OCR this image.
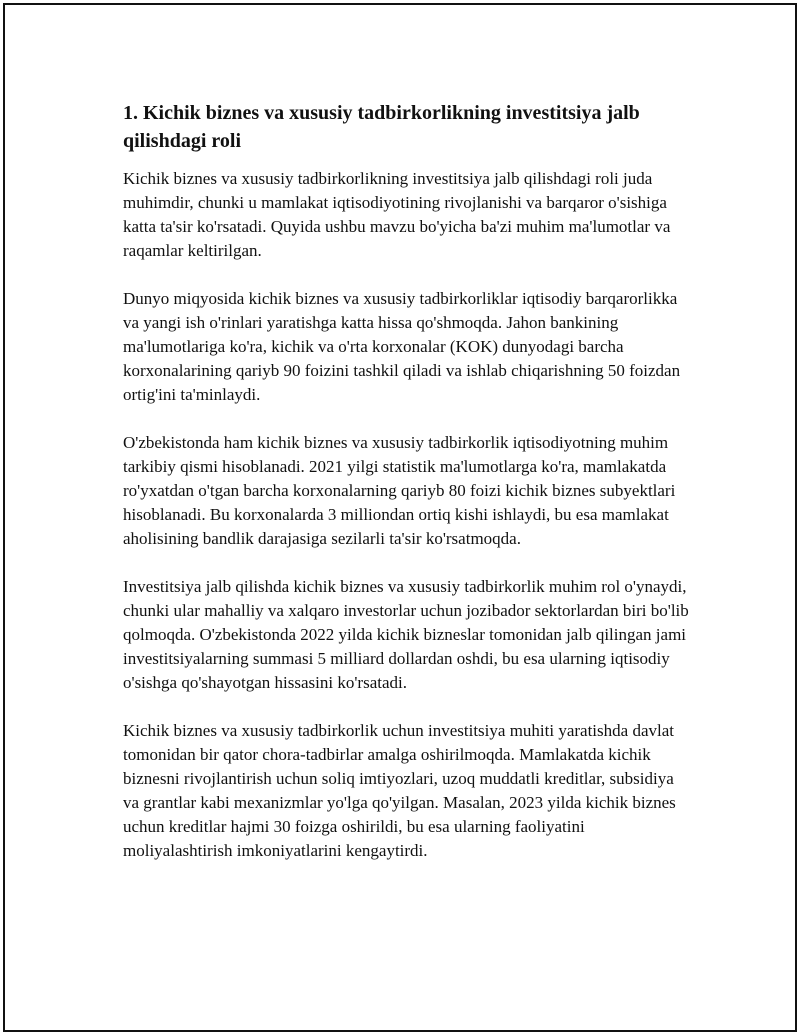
1. Kichik biznes va xususiy tadbirkorlikning investitsiya jalb qilishdagi roli

Kichik biznes va xususiy tadbirkorlikning investitsiya jalb qilishdagi roli juda muhimdir, chunki u mamlakat iqtisodiyotining rivojlanishi va barqaror o'sishiga katta ta'sir ko'rsatadi. Quyida ushbu mavzu bo'yicha ba'zi muhim ma'lumotlar va raqamlar keltirilgan.

Dunyo miqyosida kichik biznes va xususiy tadbirkorliklar iqtisodiy barqarorlikka va yangi ish o'rinlari yaratishga katta hissa qo'shmoqda. Jahon bankining ma'lumotlariga ko'ra, kichik va o'rta korxonalar (KOK) dunyodagi barcha korxonalarining qariyb 90 foizini tashkil qiladi va ishlab chiqarishning 50 foizdan ortig'ini ta'minlaydi.

O'zbekistonda ham kichik biznes va xususiy tadbirkorlik iqtisodiyotning muhim tarkibiy qismi hisoblanadi. 2021 yilgi statistik ma'lumotlarga ko'ra, mamlakatda ro'yxatdan o'tgan barcha korxonalarning qariyb 80 foizi kichik biznes subyektlari hisoblanadi. Bu korxonalarda 3 milliondan ortiq kishi ishlaydi, bu esa mamlakat aholisining bandlik darajasiga sezilarli ta'sir ko'rsatmoqda.

Investitsiya jalb qilishda kichik biznes va xususiy tadbirkorlik muhim rol o'ynaydi, chunki ular mahalliy va xalqaro investorlar uchun jozibador sektorlardan biri bo'lib qolmoqda. O'zbekistonda 2022 yilda kichik bizneslar tomonidan jalb qilingan jami investitsiyalarning summasi 5 milliard dollardan oshdi, bu esa ularning iqtisodiy o'sishga qo'shayotgan hissasini ko'rsatadi.

Kichik biznes va xususiy tadbirkorlik uchun investitsiya muhiti yaratishda davlat tomonidan bir qator chora-tadbirlar amalga oshirilmoqda. Mamlakatda kichik biznesni rivojlantirish uchun soliq imtiyozlari, uzoq muddatli kreditlar, subsidiya va grantlar kabi mexanizmlar yo'lga qo'yilgan. Masalan, 2023 yilda kichik biznes uchun kreditlar hajmi 30 foizga oshirildi, bu esa ularning faoliyatini moliyalashtirish imkoniyatlarini kengaytirdi.
